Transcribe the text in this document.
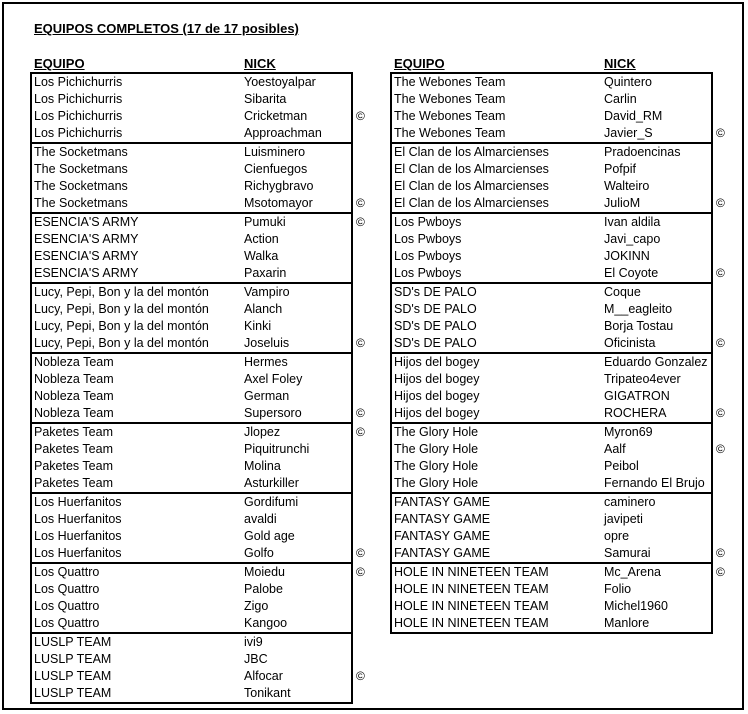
EQUIPOS COMPLETOS (17 de 17 posibles)
EQUIPO	NICK	EQUIPO	NICK
Los Pichichurris	Yoestoyalpar
Los Pichichurris	Sibarita
Los Pichichurris	Cricketman	©
Los Pichichurris	Approachman
The Socketmans	Luisminero
The Socketmans	Cienfuegos
The Socketmans	Richygbravo
The Socketmans	Msotomayor	©
ESENCIA'S ARMY	Pumuki	©
ESENCIA'S ARMY	Action
ESENCIA'S ARMY	Walka
ESENCIA'S ARMY	Paxarin
Lucy, Pepi, Bon y la del montón	Vampiro
Lucy, Pepi, Bon y la del montón	Alanch
Lucy, Pepi, Bon y la del montón	Kinki
Lucy, Pepi, Bon y la del montón	Joseluis	©
Nobleza Team	Hermes
Nobleza Team	Axel Foley
Nobleza Team	German
Nobleza Team	Supersoro	©
Paketes Team	Jlopez	©
Paketes Team	Piquitrunchi
Paketes Team	Molina
Paketes Team	Asturkiller
Los Huerfanitos	Gordifumi
Los Huerfanitos	avaldi
Los Huerfanitos	Gold age
Los Huerfanitos	Golfo	©
Los Quattro	Moiedu	©
Los Quattro	Palobe
Los Quattro	Zigo
Los Quattro	Kangoo
LUSLP TEAM	ivi9
LUSLP TEAM	JBC
LUSLP TEAM	Alfocar	©
LUSLP TEAM	Tonikant
The Webones Team	Quintero
The Webones Team	Carlin
The Webones Team	David_RM
The Webones Team	Javier_S	©
El Clan de los Almarcienses	Pradoencinas
El Clan de los Almarcienses	Pofpif
El Clan de los Almarcienses	Walteiro
El Clan de los Almarcienses	JulioM	©
Los Pwboys	Ivan aldila
Los Pwboys	Javi_capo
Los Pwboys	JOKINN
Los Pwboys	El Coyote	©
SD's DE PALO	Coque
SD's DE PALO	M__eagleito
SD's DE PALO	Borja Tostau
SD's DE PALO	Oficinista	©
Hijos del bogey	Eduardo Gonzalez
Hijos del bogey	Tripateo4ever
Hijos del bogey	GIGATRON
Hijos del bogey	ROCHERA	©
The Glory Hole	Myron69
The Glory Hole	Aalf	©
The Glory Hole	Peibol
The Glory Hole	Fernando El Brujo
FANTASY GAME	caminero
FANTASY GAME	javipeti
FANTASY GAME	opre
FANTASY GAME	Samurai	©
HOLE IN NINETEEN TEAM	Mc_Arena	©
HOLE IN NINETEEN TEAM	Folio
HOLE IN NINETEEN TEAM	Michel1960
HOLE IN NINETEEN TEAM	Manlore
